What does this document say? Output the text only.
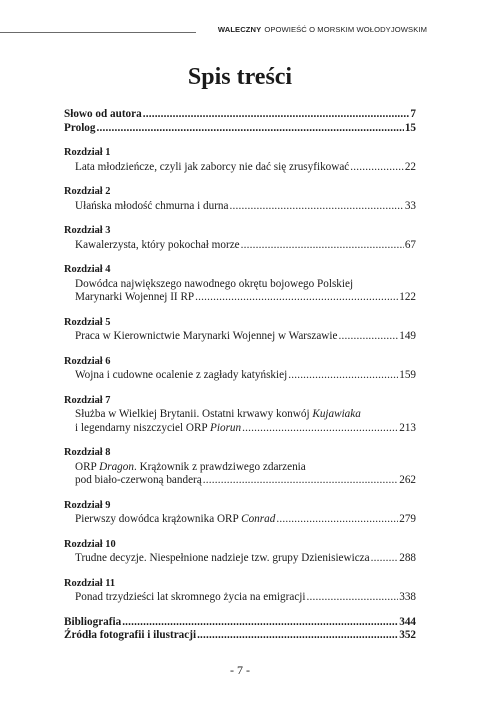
WALECZNY OPOWIEŚĆ O MORSKIM WOŁODYJOWSKIM
Spis treści
Słowo od autora .....	7
Prolog .....	15
Rozdział 1
Lata młodzieńcze, czyli jak zaborcy nie dać się zrusyfikować .....	22
Rozdział 2
Ułańska młodość chmurna i durna .....	33
Rozdział 3
Kawalerzysta, który pokochał morze .....	67
Rozdział 4
Dowódca największego nawodnego okrętu bojowego Polskiej
Marynarki Wojennej II RP .....	122
Rozdział 5
Praca w Kierownictwie Marynarki Wojennej w Warszawie .....	149
Rozdział 6
Wojna i cudowne ocalenie z zagłady katyńskiej .....	159
Rozdział 7
Służba w Wielkiej Brytanii. Ostatni krwawy konwój Kujawiaka
i legendarny niszczyciel ORP Piorun .....	213
Rozdział 8
ORP Dragon. Krążownik z prawdziwego zdarzenia
pod biało-czerwoną banderą .....	262
Rozdział 9
Pierwszy dowódca krążownika ORP Conrad .....	279
Rozdział 10
Trudne decyzje. Niespełnione nadzieje tzw. grupy Dzienisiewicza .....	288
Rozdział 11
Ponad trzydzieści lat skromnego życia na emigracji .....	338
Bibliografia .....	344
Źródła fotografii i ilustracji .....	352
- 7 -
